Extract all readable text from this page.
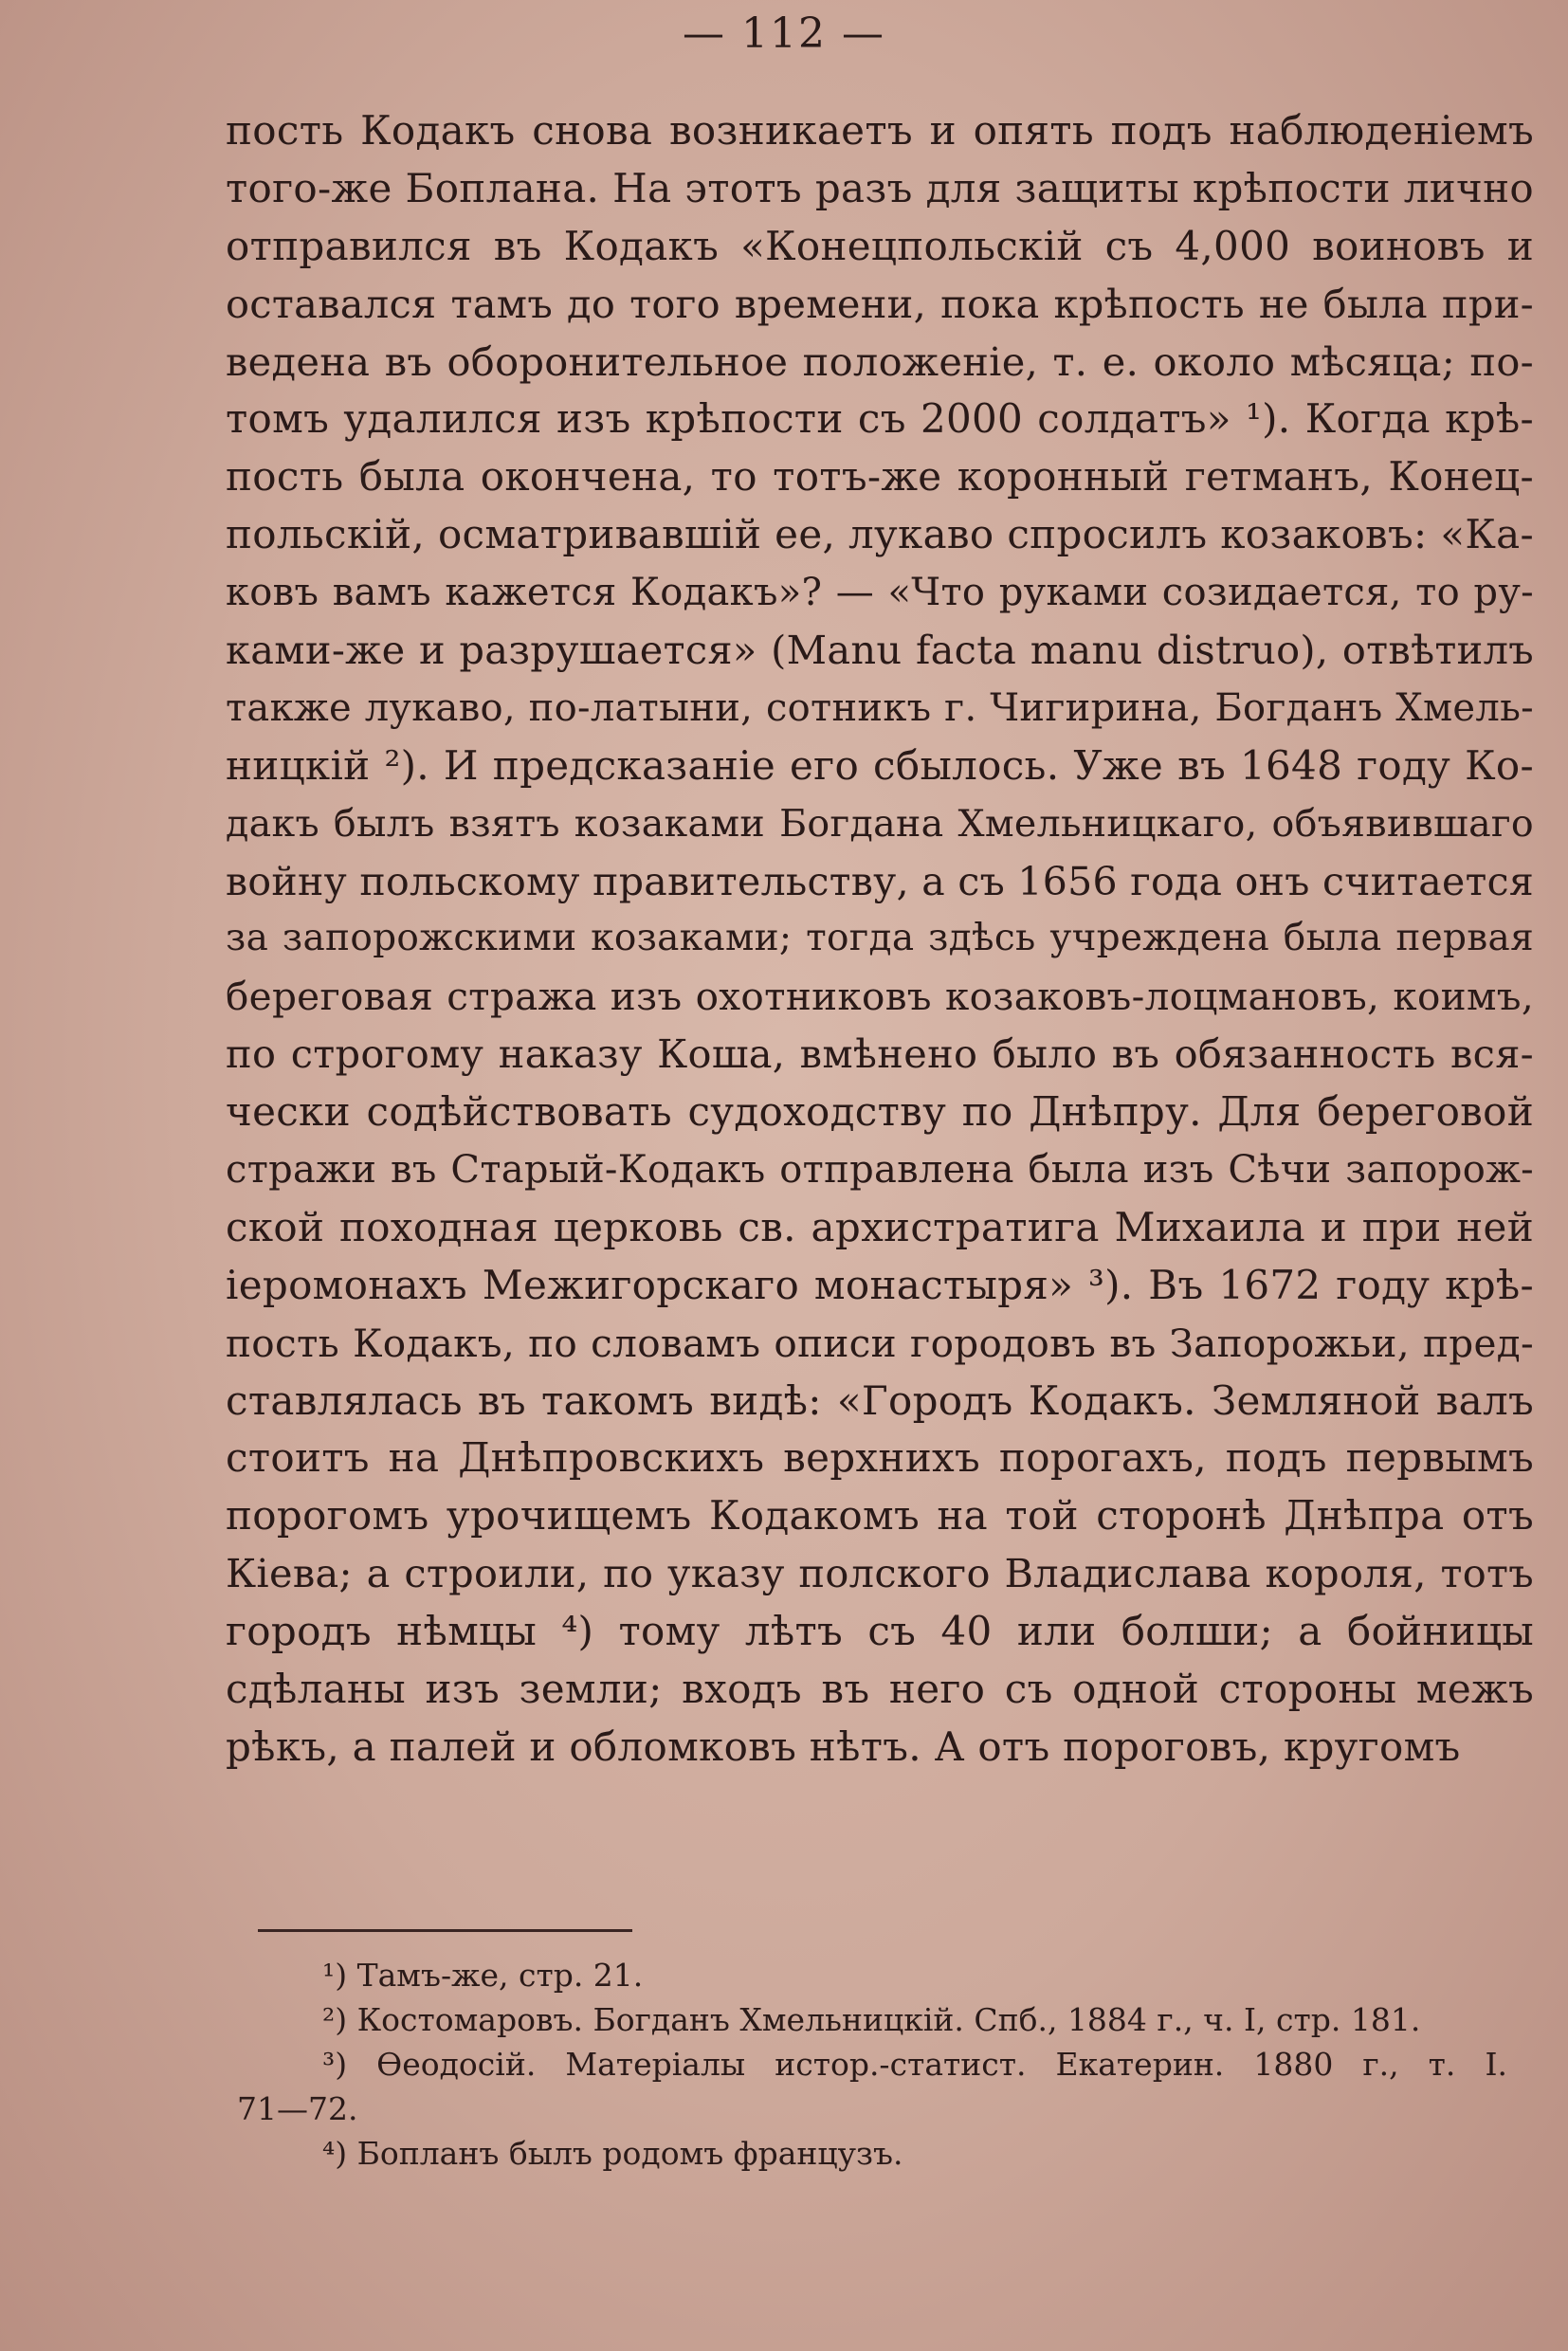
— 112 —
пость Кодакъ снова возникаетъ и опять подъ наблюденіемъ
того-же Боплана. На этотъ разъ для защиты крѣпости лично
отправился въ Кодакъ «Конецпольскій съ 4,000 воиновъ и
оставался тамъ до того времени, пока крѣпость не была при-
ведена въ оборонительное положеніе, т. е. около мѣсяца; по-
томъ удалился изъ крѣпости съ 2000 солдатъ» ¹). Когда крѣ-
пость была окончена, то тотъ-же коронный гетманъ, Конец-
польскій, осматривавшій ее, лукаво спросилъ козаковъ: «Ка-
ковъ вамъ кажется Кодакъ»? — «Что руками созидается, то ру-
ками-же и разрушается» (Manu facta manu distruo), отвѣтилъ
также лукаво, по-латыни, сотникъ г. Чигирина, Богданъ Хмель-
ницкій ²). И предсказаніе его сбылось. Уже въ 1648 году Ко-
дакъ былъ взятъ козаками Богдана Хмельницкаго, объявившаго
войну польскому правительству, а съ 1656 года онъ считается
за запорожскими козаками; тогда здѣсь учреждена была первая
береговая стража изъ охотниковъ козаковъ-лоцмановъ, коимъ,
по строгому наказу Коша, вмѣнено было въ обязанность вся-
чески содѣйствовать судоходству по Днѣпру. Для береговой
стражи въ Старый-Кодакъ отправлена была изъ Сѣчи запорож-
ской походная церковь св. архистратига Михаила и при ней
іеромонахъ Межигорскаго монастыря» ³). Въ 1672 году крѣ-
пость Кодакъ, по словамъ описи городовъ въ Запорожьи, пред-
ставлялась въ такомъ видѣ: «Городъ Кодакъ. Земляной валъ
стоитъ на Днѣпровскихъ верхнихъ порогахъ, подъ первымъ
порогомъ урочищемъ Кодакомъ на той сторонѣ Днѣпра отъ
Кіева; а строили, по указу полского Владислава короля, тотъ
городъ нѣмцы ⁴) тому лѣтъ съ 40 или болши; а бойницы
сдѣланы изъ земли; входъ въ него съ одной стороны межъ
рѣкъ, а палей и обломковъ нѣтъ. А отъ пороговъ, кругомъ
¹) Тамъ-же, стр. 21.
²) Костомаровъ. Богданъ Хмельницкій. Спб., 1884 г., ч. I, стр. 181.
³) Ѳеодосій. Матеріалы истор.-статист. Екатерин. 1880 г., т. I.
71—72.
⁴) Бопланъ былъ родомъ французъ.
